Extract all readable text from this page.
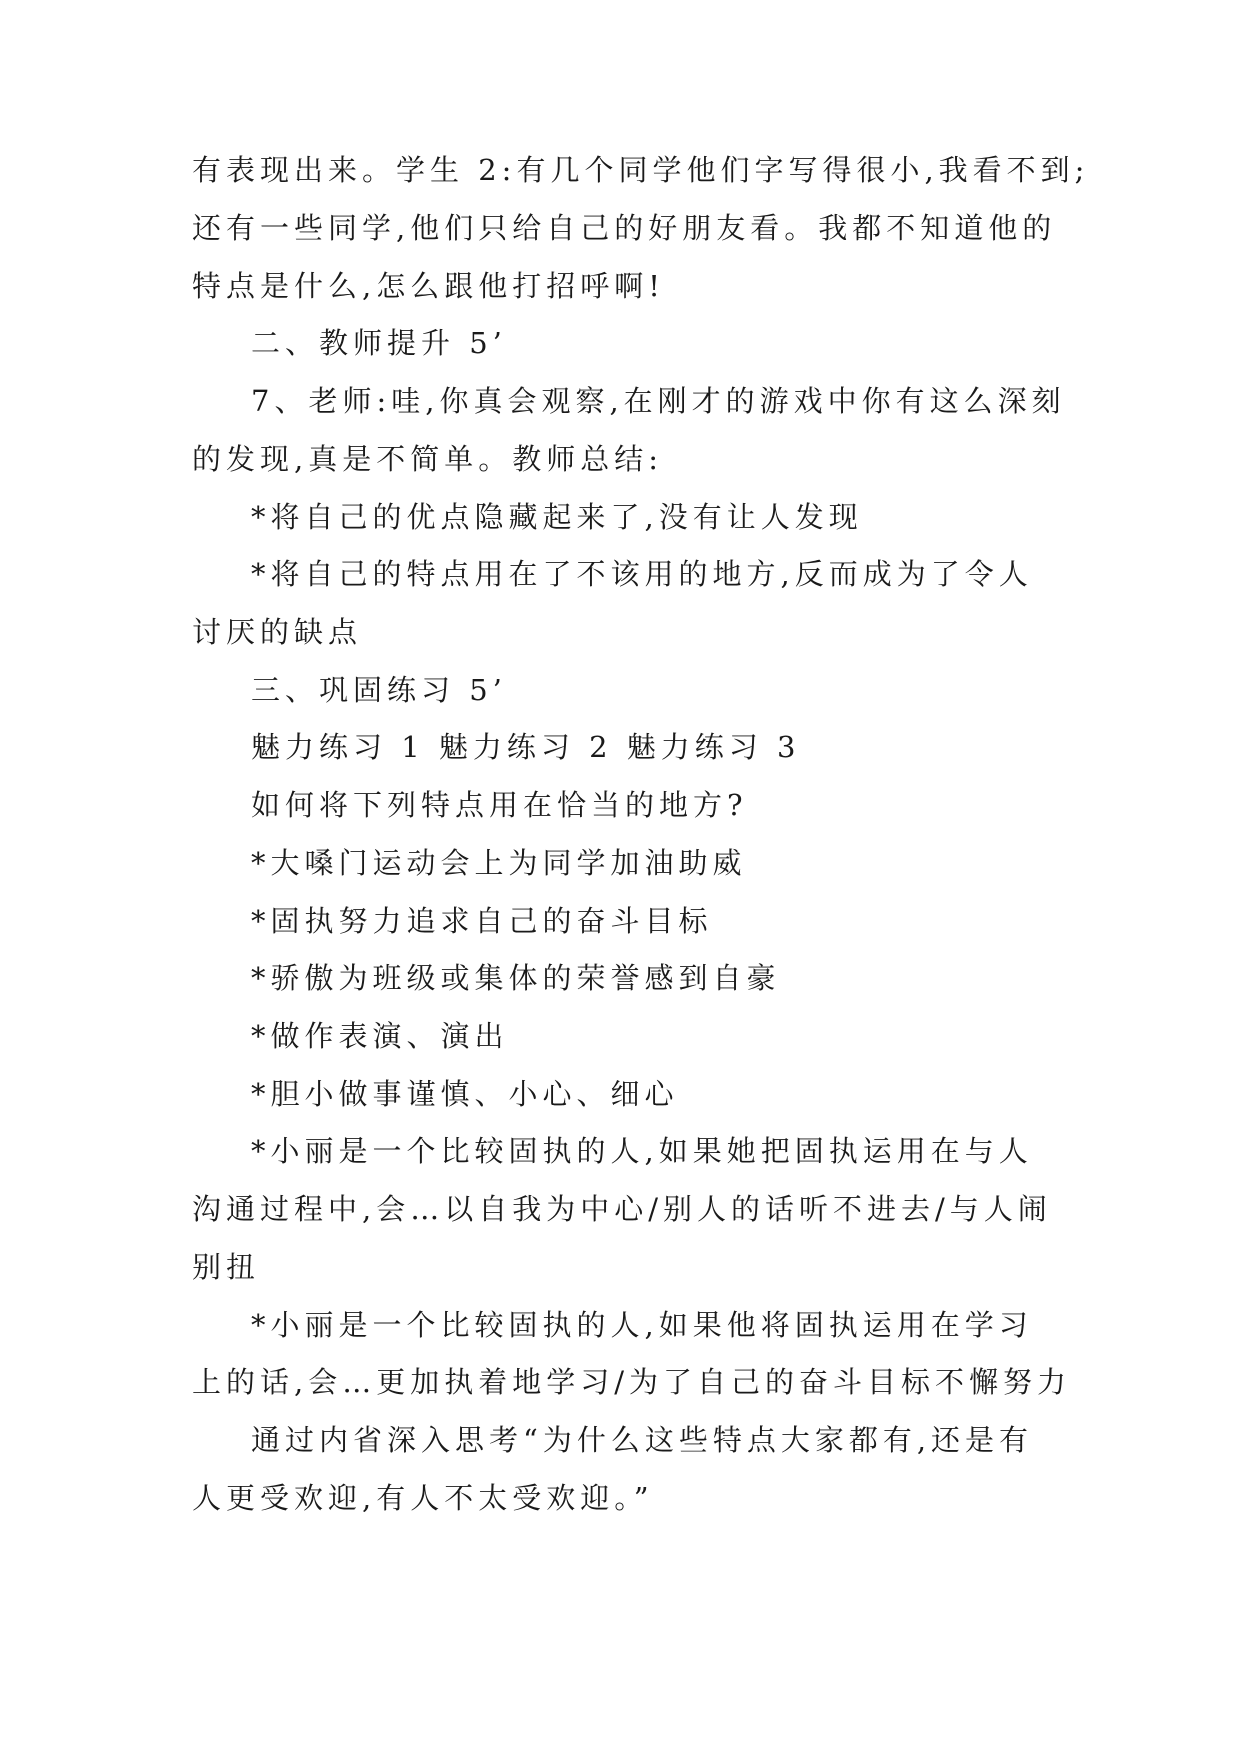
有表现出来。学生 2:有几个同学他们字写得很小,我看不到;
还有一些同学,他们只给自己的好朋友看。我都不知道他的
特点是什么,怎么跟他打招呼啊!
二、教师提升 5’
7、老师:哇,你真会观察,在刚才的游戏中你有这么深刻
的发现,真是不简单。教师总结:
*将自己的优点隐藏起来了,没有让人发现
*将自己的特点用在了不该用的地方,反而成为了令人
讨厌的缺点
三、巩固练习 5’
魅力练习 1 魅力练习 2 魅力练习 3
如何将下列特点用在恰当的地方?
*大嗓门运动会上为同学加油助威
*固执努力追求自己的奋斗目标
*骄傲为班级或集体的荣誉感到自豪
*做作表演、演出
*胆小做事谨慎、小心、细心
*小丽是一个比较固执的人,如果她把固执运用在与人
沟通过程中,会…以自我为中心/别人的话听不进去/与人闹
别扭
*小丽是一个比较固执的人,如果他将固执运用在学习
上的话,会…更加执着地学习/为了自己的奋斗目标不懈努力
通过内省深入思考“为什么这些特点大家都有,还是有
人更受欢迎,有人不太受欢迎。”
